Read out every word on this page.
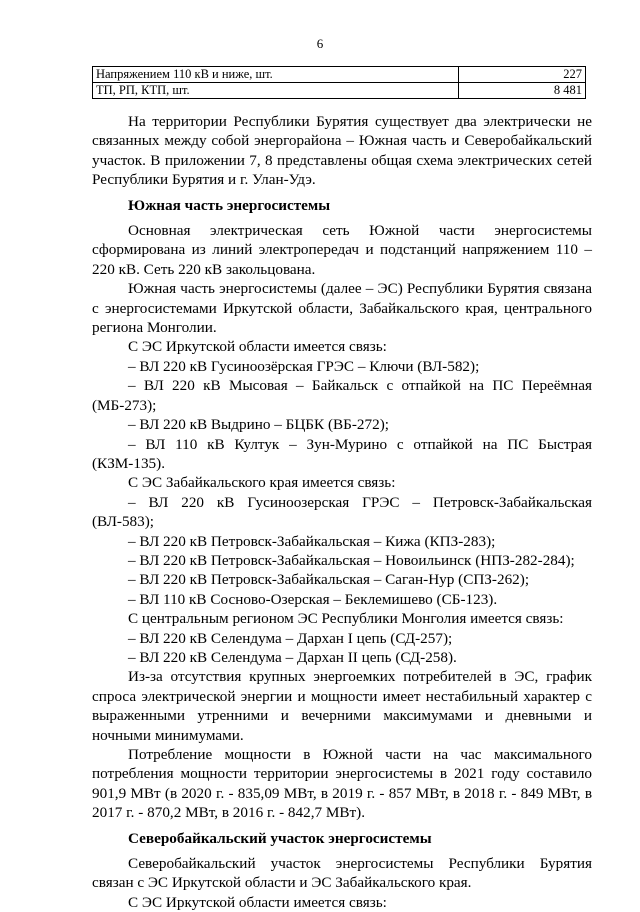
6
Напряжением 110 кВ и ниже, шт.	227
ТП, РП, КТП, шт.	8 481

На территории Республики Бурятия существует два электрически не связанных между собой энергорайона – Южная часть и Северобайкальский участок. В приложении 7, 8 представлены общая схема электрических сетей Республики Бурятия и г. Улан-Удэ.

Южная часть энергосистемы

Основная электрическая сеть Южной части энергосистемы сформирована из линий электропередач и подстанций напряжением 110 – 220 кВ. Сеть 220 кВ закольцована.

Южная часть энергосистемы (далее – ЭС) Республики Бурятия связана с энергосистемами Иркутской области, Забайкальского края, центрального региона Монголии.

С ЭС Иркутской области имеется связь:

– ВЛ 220 кВ Гусиноозёрская ГРЭС – Ключи (ВЛ-582);

– ВЛ 220 кВ Мысовая – Байкальск с отпайкой на ПС Переёмная (МБ-273);

– ВЛ 220 кВ Выдрино – БЦБК (ВБ-272);

– ВЛ 110 кВ Култук – Зун-Мурино с отпайкой на ПС Быстрая (КЗМ-135).

С ЭС Забайкальского края имеется связь:

– ВЛ 220 кВ Гусиноозерская ГРЭС – Петровск-Забайкальская (ВЛ-583);

– ВЛ 220 кВ Петровск-Забайкальская – Кижа (КПЗ-283);

– ВЛ 220 кВ Петровск-Забайкальская – Новоильинск (НПЗ-282-284);

– ВЛ 220 кВ Петровск-Забайкальская – Саган-Нур (СПЗ-262);

– ВЛ 110 кВ Сосново-Озерская – Беклемишево (СБ-123).

С центральным регионом ЭС Республики Монголия имеется связь:

– ВЛ 220 кВ Селендума – Дархан I цепь (СД-257);

– ВЛ 220 кВ Селендума – Дархан II цепь (СД-258).

Из-за отсутствия крупных энергоемких потребителей в ЭС, график спроса электрической энергии и мощности имеет нестабильный характер с выраженными утренними и вечерними максимумами и дневными и ночными минимумами.

Потребление мощности в Южной части на час максимального потребления мощности территории энергосистемы в 2021 году составило 901,9 МВт (в 2020 г. - 835,09 МВт, в 2019 г. - 857 МВт, в 2018 г. - 849 МВт, в 2017 г. - 870,2 МВт, в 2016 г. - 842,7 МВт).

Северобайкальский участок энергосистемы

Северобайкальский участок энергосистемы Республики Бурятия связан с ЭС Иркутской области и ЭС Забайкальского края.

С ЭС Иркутской области имеется связь:
